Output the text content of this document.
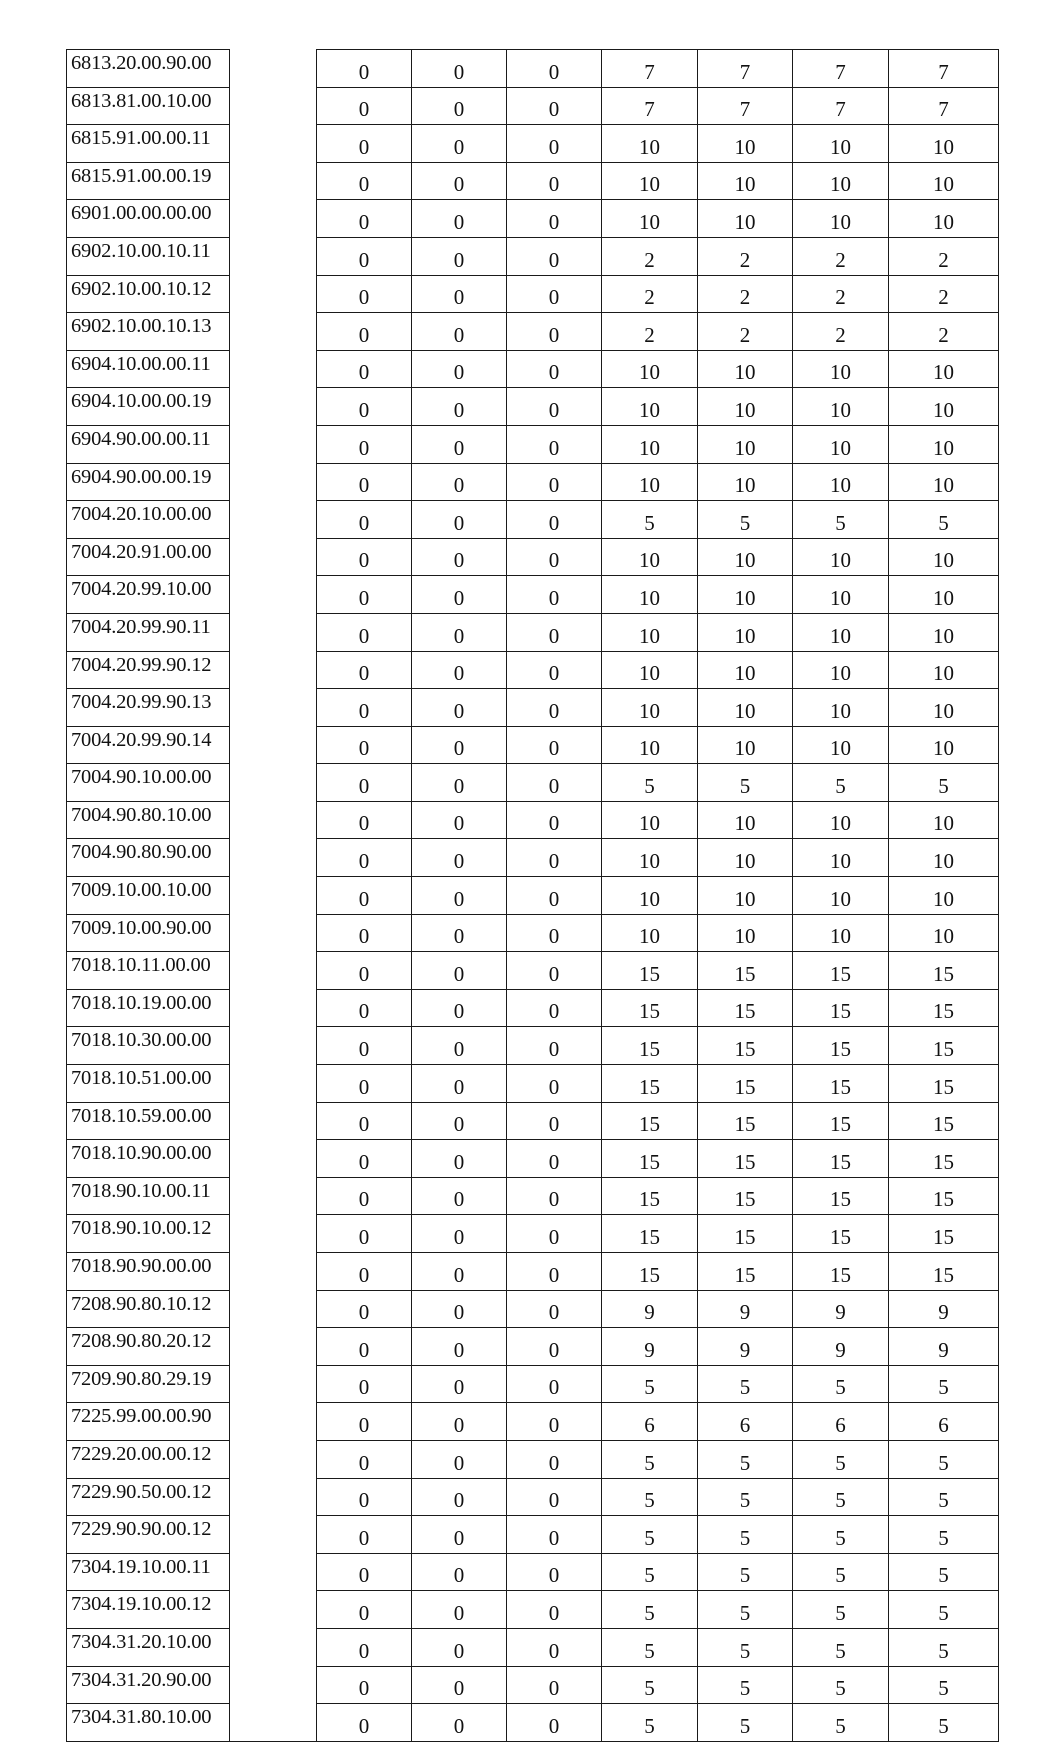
6813.20.00.90.00		0	0	0	7	7	7	7
6813.81.00.10.00		0	0	0	7	7	7	7
6815.91.00.00.11		0	0	0	10	10	10	10
6815.91.00.00.19		0	0	0	10	10	10	10
6901.00.00.00.00		0	0	0	10	10	10	10
6902.10.00.10.11		0	0	0	2	2	2	2
6902.10.00.10.12		0	0	0	2	2	2	2
6902.10.00.10.13		0	0	0	2	2	2	2
6904.10.00.00.11		0	0	0	10	10	10	10
6904.10.00.00.19		0	0	0	10	10	10	10
6904.90.00.00.11		0	0	0	10	10	10	10
6904.90.00.00.19		0	0	0	10	10	10	10
7004.20.10.00.00		0	0	0	5	5	5	5
7004.20.91.00.00		0	0	0	10	10	10	10
7004.20.99.10.00		0	0	0	10	10	10	10
7004.20.99.90.11		0	0	0	10	10	10	10
7004.20.99.90.12		0	0	0	10	10	10	10
7004.20.99.90.13		0	0	0	10	10	10	10
7004.20.99.90.14		0	0	0	10	10	10	10
7004.90.10.00.00		0	0	0	5	5	5	5
7004.90.80.10.00		0	0	0	10	10	10	10
7004.90.80.90.00		0	0	0	10	10	10	10
7009.10.00.10.00		0	0	0	10	10	10	10
7009.10.00.90.00		0	0	0	10	10	10	10
7018.10.11.00.00		0	0	0	15	15	15	15
7018.10.19.00.00		0	0	0	15	15	15	15
7018.10.30.00.00		0	0	0	15	15	15	15
7018.10.51.00.00		0	0	0	15	15	15	15
7018.10.59.00.00		0	0	0	15	15	15	15
7018.10.90.00.00		0	0	0	15	15	15	15
7018.90.10.00.11		0	0	0	15	15	15	15
7018.90.10.00.12		0	0	0	15	15	15	15
7018.90.90.00.00		0	0	0	15	15	15	15
7208.90.80.10.12		0	0	0	9	9	9	9
7208.90.80.20.12		0	0	0	9	9	9	9
7209.90.80.29.19		0	0	0	5	5	5	5
7225.99.00.00.90		0	0	0	6	6	6	6
7229.20.00.00.12		0	0	0	5	5	5	5
7229.90.50.00.12		0	0	0	5	5	5	5
7229.90.90.00.12		0	0	0	5	5	5	5
7304.19.10.00.11		0	0	0	5	5	5	5
7304.19.10.00.12		0	0	0	5	5	5	5
7304.31.20.10.00		0	0	0	5	5	5	5
7304.31.20.90.00		0	0	0	5	5	5	5
7304.31.80.10.00		0	0	0	5	5	5	5
